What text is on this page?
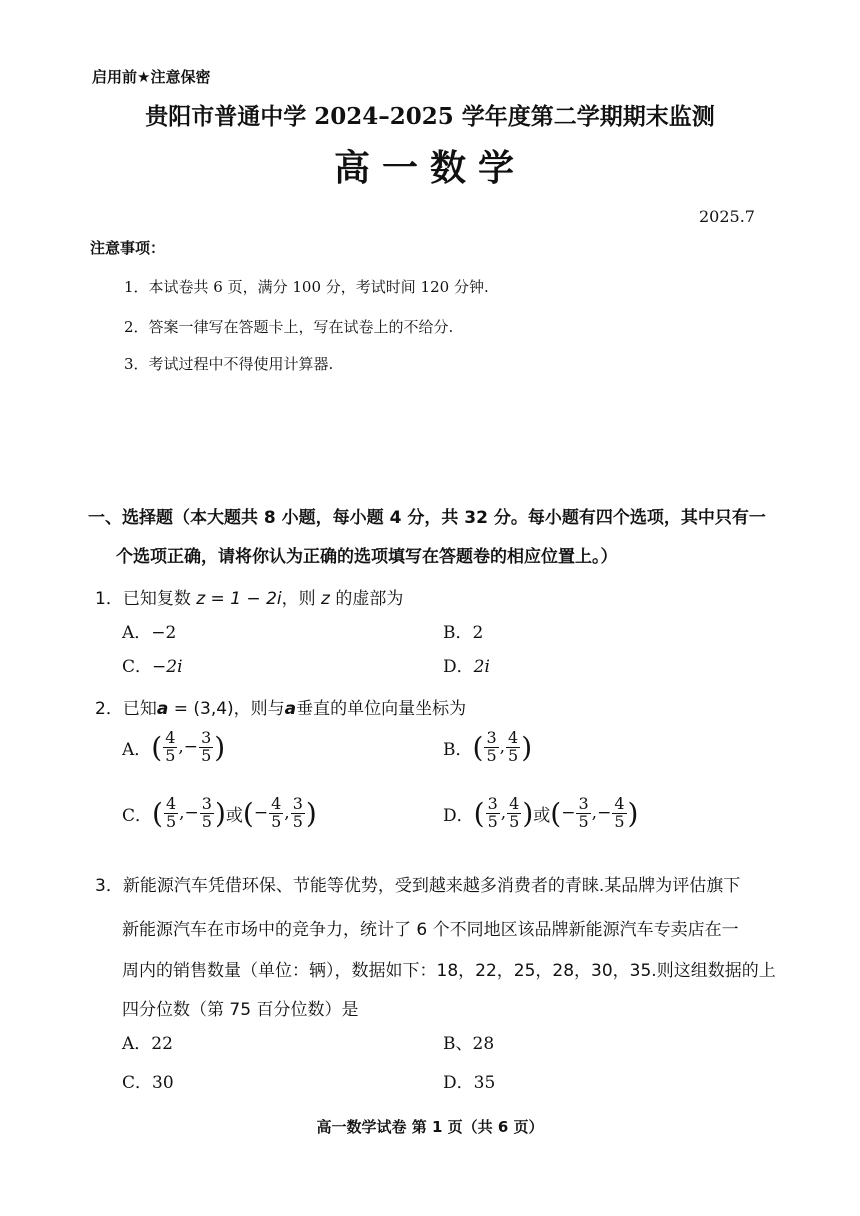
启用前★注意保密
贵阳市普通中学 2024–2025 学年度第二学期期末监测
高一数学
2025.7
注意事项：
1．本试卷共 6 页，满分 100 分，考试时间 120 分钟.
2．答案一律写在答题卡上，写在试卷上的不给分.
3．考试过程中不得使用计算器.
一、选择题（本大题共 8 小题，每小题 4 分，共 32 分。每小题有四个选项，其中只有一
个选项正确，请将你认为正确的选项填写在答题卷的相应位置上。）
1．已知复数 z = 1 − 2i，则 z 的虚部为
A．−2	B．2
C．−2i	D．2i
2．已知a = (3,4)，则与a垂直的单位向量坐标为
A． ( $\frac{4}{5}$ ,− $\frac{3}{5}$ )	B． ( $\frac{3}{5}$ , $\frac{4}{5}$ )
C． ( $\frac{4}{5}$ ,− $\frac{3}{5}$ ) 或 ( − $\frac{4}{5}$ , $\frac{3}{5}$ )	D． ( $\frac{3}{5}$ , $\frac{4}{5}$ ) 或 ( − $\frac{3}{5}$ ,− $\frac{4}{5}$ )
3．新能源汽车凭借环保、节能等优势，受到越来越多消费者的青睐.某品牌为评估旗下
新能源汽车在市场中的竞争力，统计了 6 个不同地区该品牌新能源汽车专卖店在一
周内的销售数量（单位：辆），数据如下：18，22，25，28，30，35.则这组数据的上
四分位数（第 75 百分位数）是
A．22	B、28
C．30	D．35
高一数学试卷 第 1 页（共 6 页）
